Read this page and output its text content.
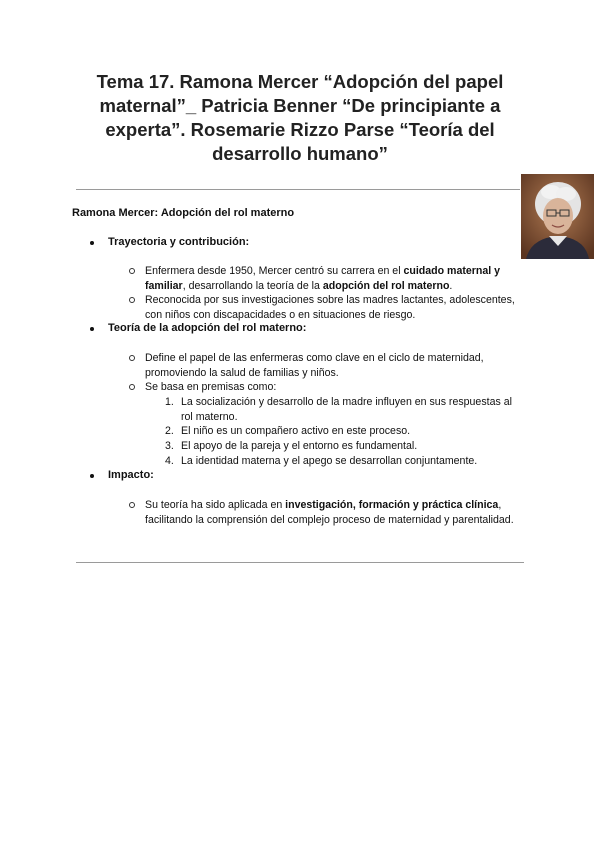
Tema 17. Ramona Mercer “Adopción del papel maternal”_ Patricia Benner “De principiante a experta”. Rosemarie Rizzo Parse “Teoría del desarrollo humano”
Ramona Mercer: Adopción del rol materno
Trayectoria y contribución:
Enfermera desde 1950, Mercer centró su carrera en el cuidado maternal y familiar, desarrollando la teoría de la adopción del rol materno.
Reconocida por sus investigaciones sobre las madres lactantes, adolescentes, con niños con discapacidades o en situaciones de riesgo.
Teoría de la adopción del rol materno:
Define el papel de las enfermeras como clave en el ciclo de maternidad, promoviendo la salud de familias y niños.
Se basa en premisas como:
1. La socialización y desarrollo de la madre influyen en sus respuestas al rol materno.
2. El niño es un compañero activo en este proceso.
3. El apoyo de la pareja y el entorno es fundamental.
4. La identidad materna y el apego se desarrollan conjuntamente.
Impacto:
Su teoría ha sido aplicada en investigación, formación y práctica clínica, facilitando la comprensión del complejo proceso de maternidad y parentalidad.
